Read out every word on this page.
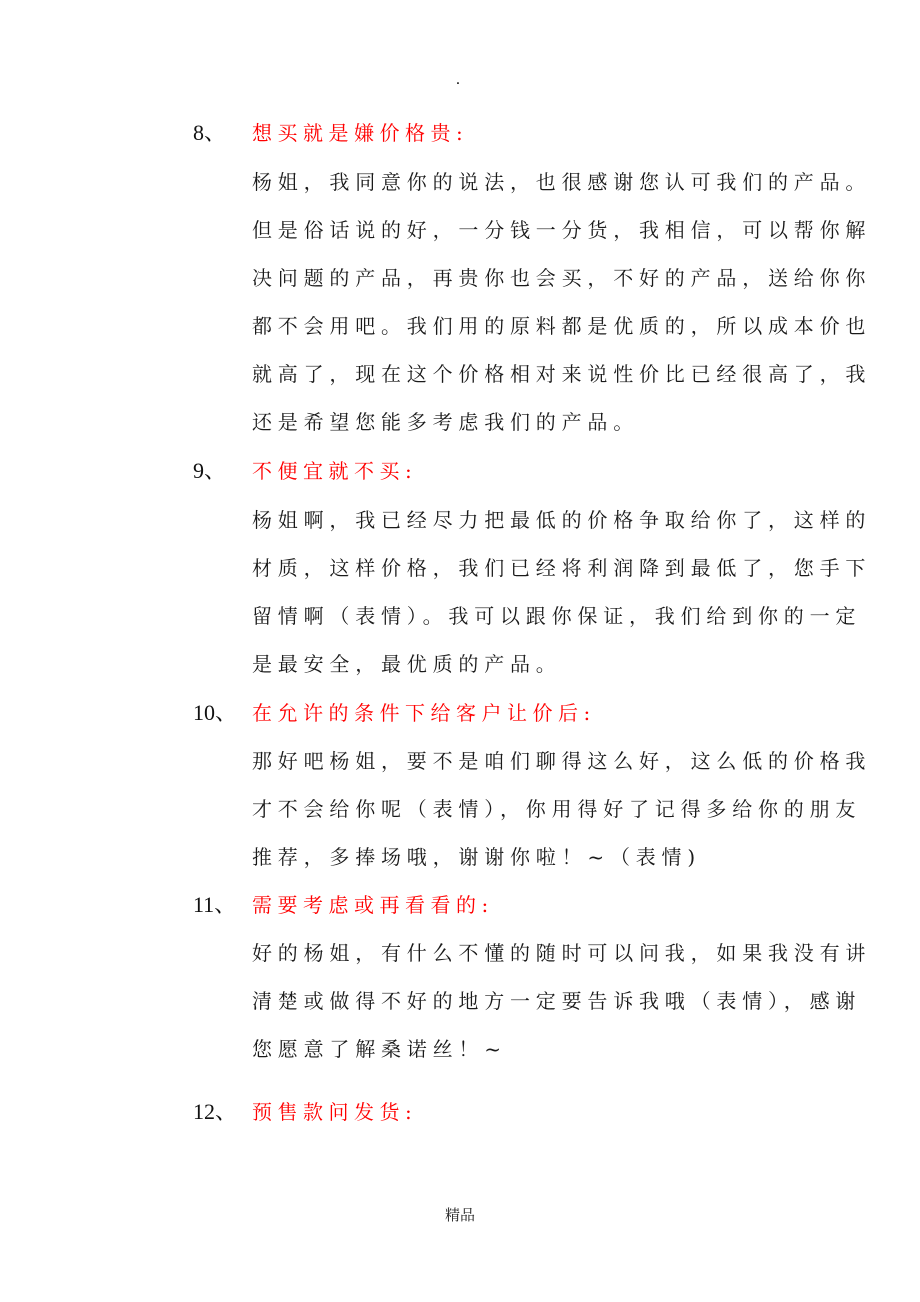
.
8、 想买就是嫌价格贵:
杨姐，我同意你的说法，也很感谢您认可我们的产品。
但是俗话说的好，一分钱一分货，我相信，可以帮你解
决问题的产品，再贵你也会买，不好的产品，送给你你
都不会用吧。我们用的原料都是优质的，所以成本价也
就高了，现在这个价格相对来说性价比已经很高了，我
还是希望您能多考虑我们的产品。
9、 不便宜就不买:
杨姐啊，我已经尽力把最低的价格争取给你了，这样的
材质，这样价格，我们已经将利润降到最低了，您手下
留情啊（表情）。我可以跟你保证，我们给到你的一定
是最安全，最优质的产品。
10、 在允许的条件下给客户让价后:
那好吧杨姐，要不是咱们聊得这么好，这么低的价格我
才不会给你呢（表情），你用得好了记得多给你的朋友
推荐，多捧场哦，谢谢你啦！~（表情)
11、 需要考虑或再看看的:
好的杨姐，有什么不懂的随时可以问我，如果我没有讲
清楚或做得不好的地方一定要告诉我哦（表情），感谢
您愿意了解桑诺丝！~
12、 预售款问发货:
精品
